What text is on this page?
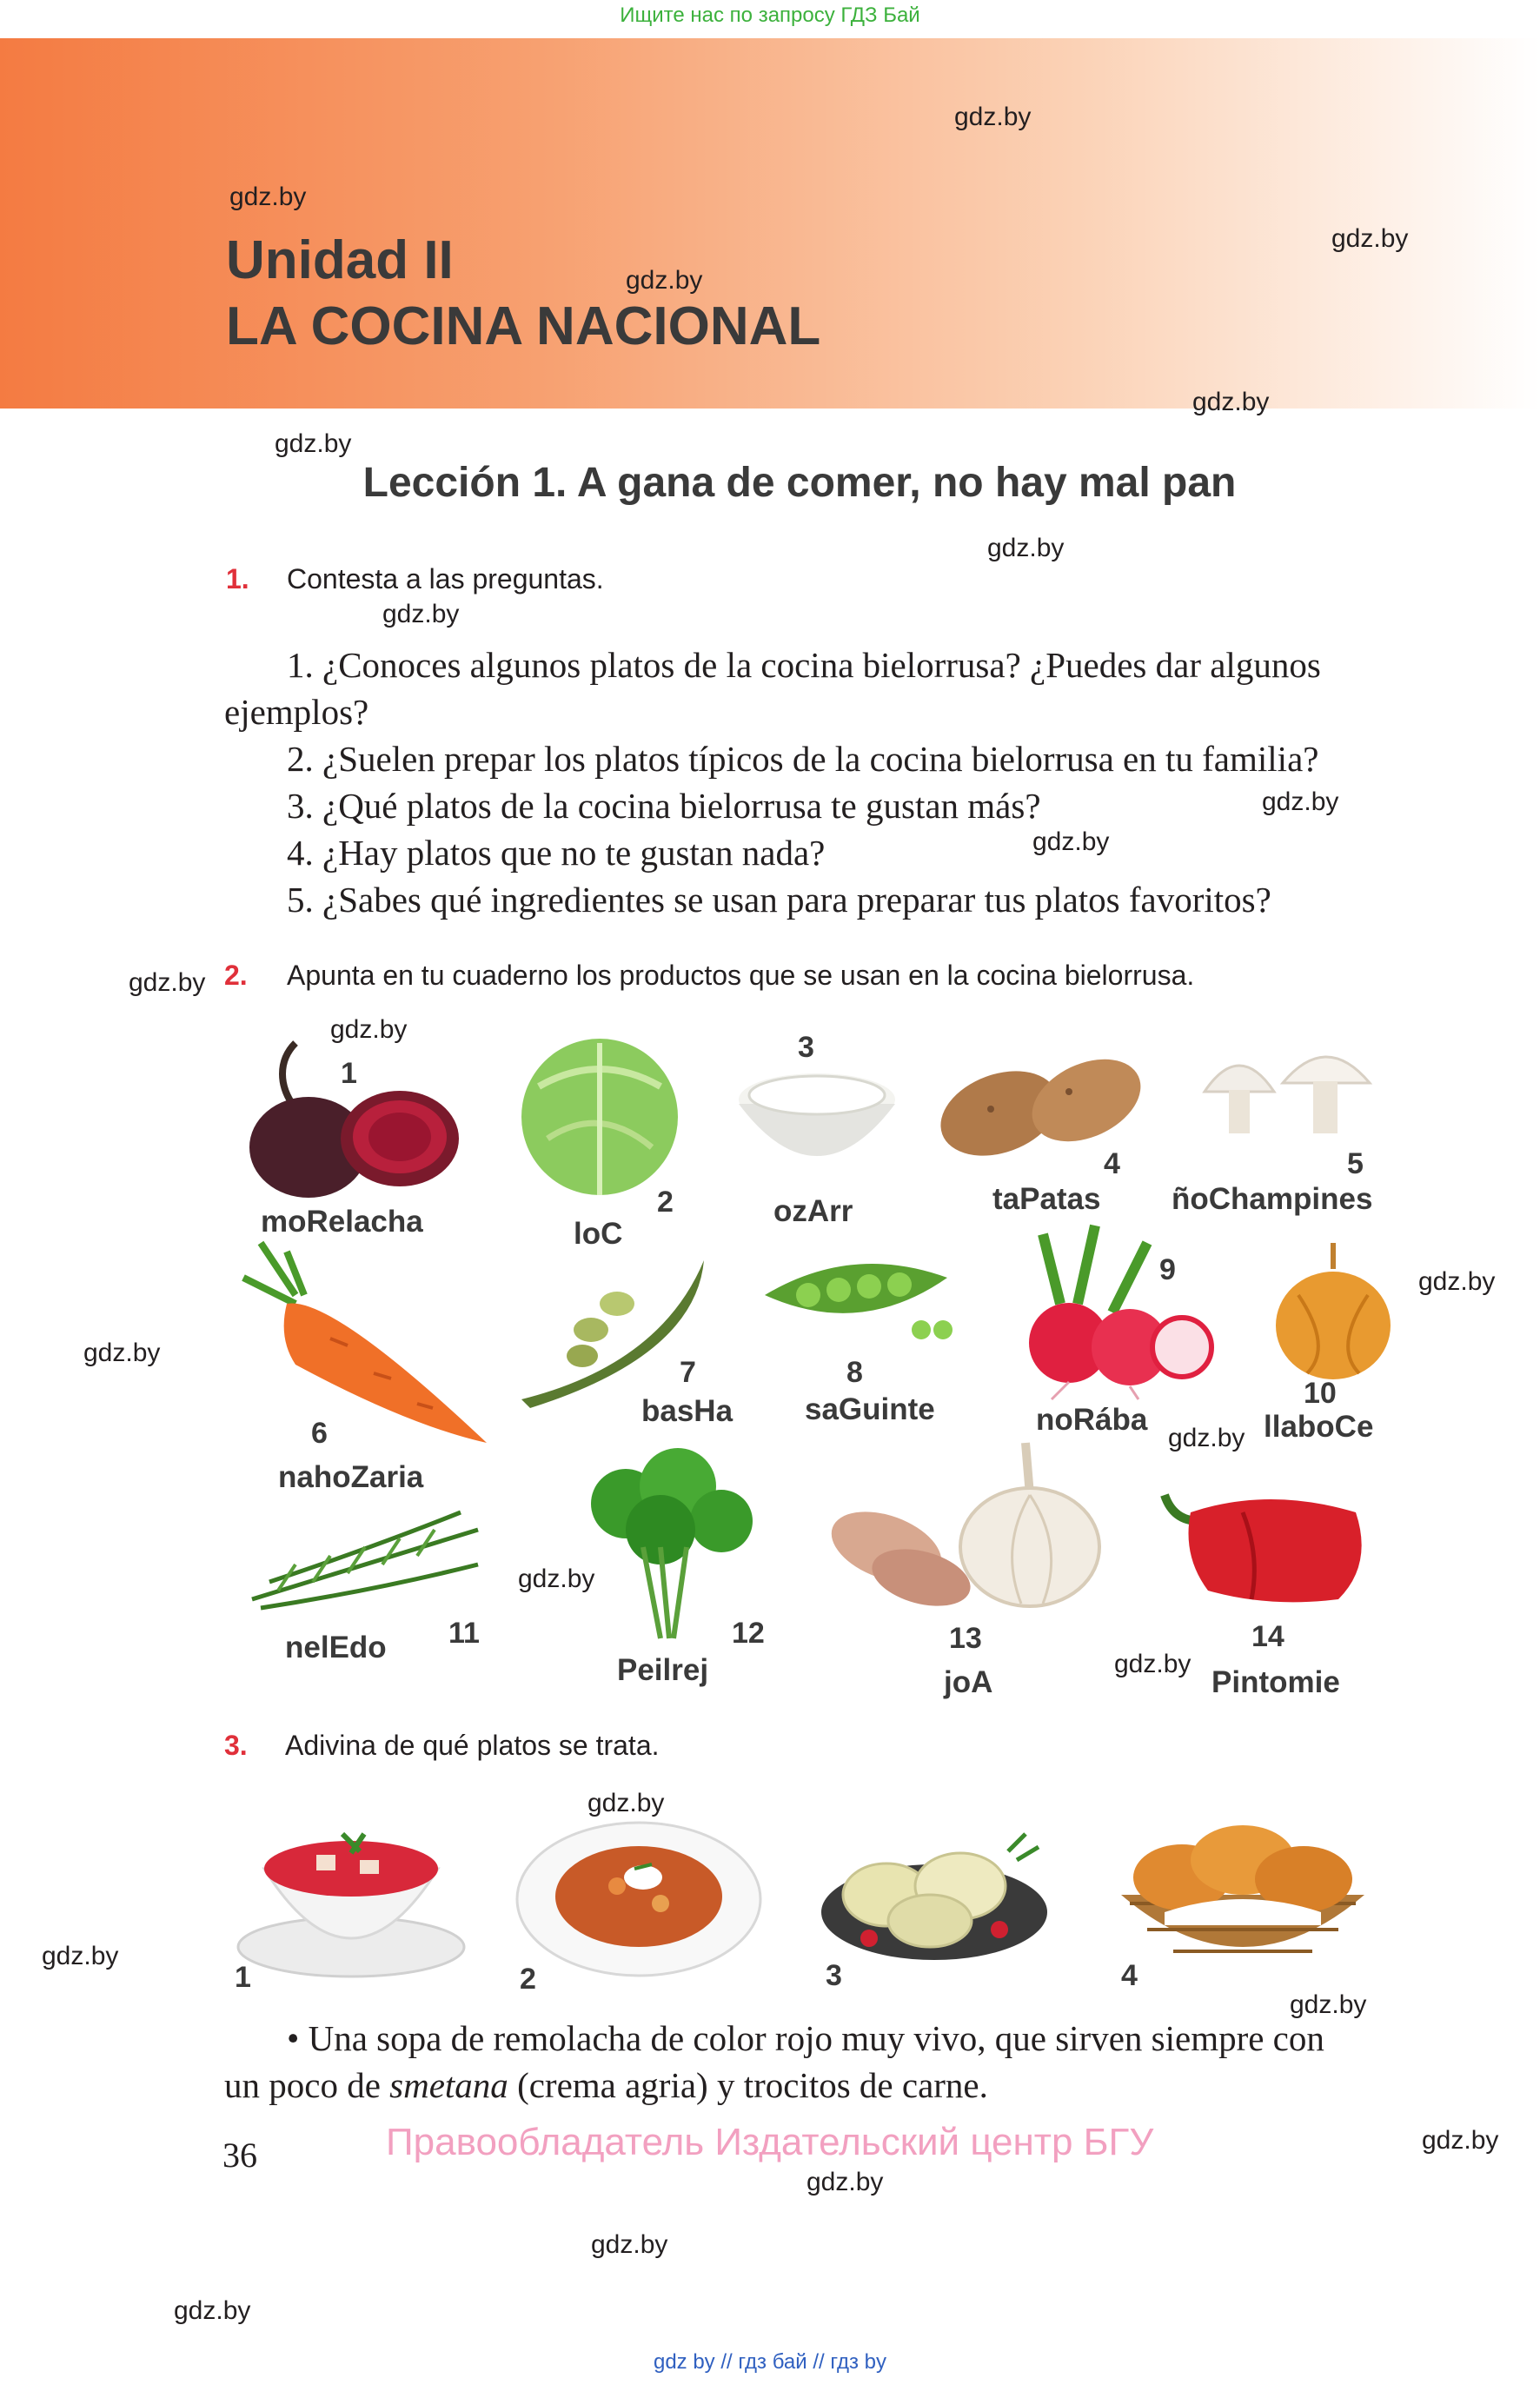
Ищите нас по запросу ГДЗ Бай
Unidad II
LA COCINA NACIONAL
Lección 1. A gana de comer, no hay mal pan
gdz.by
gdz.by
gdz.by
gdz.by
gdz.by
gdz.by
gdz.by
gdz.by
gdz.by
gdz.by
gdz.by
gdz.by
gdz.by
gdz.by
gdz.by
gdz.by
gdz.by
gdz.by
gdz.by
gdz.by
gdz.by
gdz.by
gdz.by
gdz.by
1. Contesta a las preguntas.
1. ¿Conoces algunos platos de la cocina bielorrusa? ¿Puedes dar algunos
ejemplos?
2. ¿Suelen prepar los platos típicos de la cocina bielorrusa en tu familia?
3. ¿Qué platos de la cocina bielorrusa te gustan más?
4. ¿Hay platos que no te gustan nada?
5. ¿Sabes qué ingredientes se usan para preparar tus platos favoritos?
2. Apunta en tu cuaderno los productos que se usan en la cocina bielorrusa.
1
moRelacha
2
loC
3
ozArr
4
taPatas
5
ñoChampines
6
nahoZaria
7
basHa
8
saGuinte
9
noRába
10
llaboCe
11
nelEdo	12
Peilrej
13
joA
14
Pintomie
3. Adivina de qué platos se trata.
1	2	3	4
• Una sopa de remolacha de color rojo muy vivo, que sirven siempre con
un poco de smetana (crema agria) y trocitos de carne.
36	Правообладатель Издательский центр БГУ
gdz by // гдз бай // гдз by
